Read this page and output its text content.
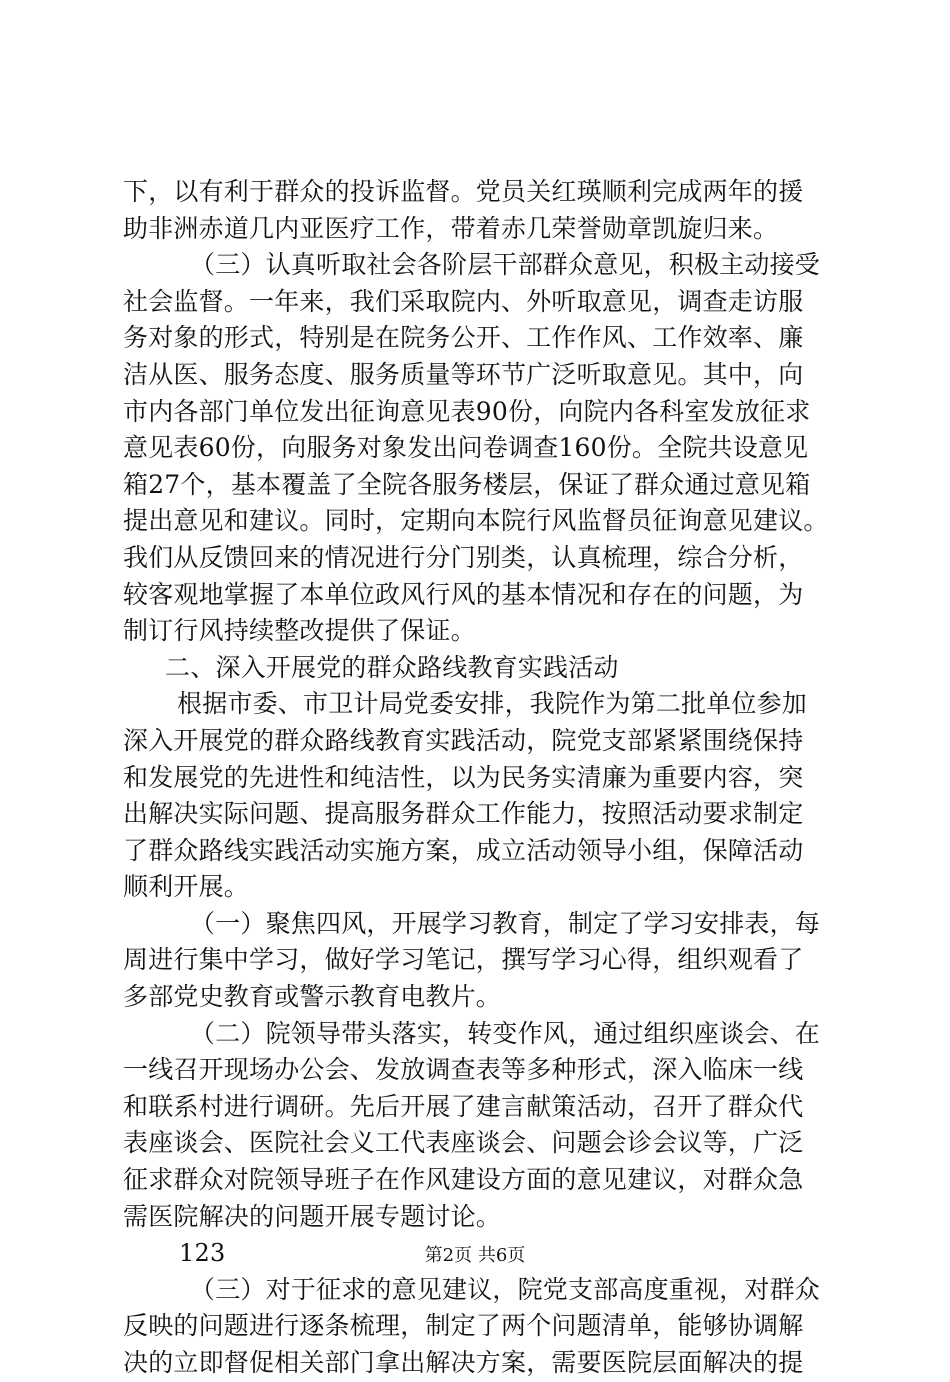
下，以有利于群众的投诉监督。党员关红瑛顺利完成两年的援
助非洲赤道几内亚医疗工作，带着赤几荣誉勋章凯旋归来。
（三）认真听取社会各阶层干部群众意见，积极主动接受
社会监督。一年来，我们采取院内、外听取意见，调查走访服
务对象的形式，特别是在院务公开、工作作风、工作效率、廉
洁从医、服务态度、服务质量等环节广泛听取意见。其中，向
市内各部门单位发出征询意见表90份，向院内各科室发放征求
意见表60份，向服务对象发出问卷调查160份。全院共设意见
箱27个，基本覆盖了全院各服务楼层，保证了群众通过意见箱
提出意见和建议。同时，定期向本院行风监督员征询意见建议。
我们从反馈回来的情况进行分门别类，认真梳理，综合分析，
较客观地掌握了本单位政风行风的基本情况和存在的问题，为
制订行风持续整改提供了保证。
二、深入开展党的群众路线教育实践活动
根据市委、市卫计局党委安排，我院作为第二批单位参加
深入开展党的群众路线教育实践活动，院党支部紧紧围绕保持
和发展党的先进性和纯洁性，以为民务实清廉为重要内容，突
出解决实际问题、提高服务群众工作能力，按照活动要求制定
了群众路线实践活动实施方案，成立活动领导小组，保障活动
顺利开展。
（一）聚焦四风，开展学习教育，制定了学习安排表，每
周进行集中学习，做好学习笔记，撰写学习心得，组织观看了
多部党史教育或警示教育电教片。
（二）院领导带头落实，转变作风，通过组织座谈会、在
一线召开现场办公会、发放调查表等多种形式，深入临床一线
和联系村进行调研。先后开展了建言献策活动，召开了群众代
表座谈会、医院社会义工代表座谈会、问题会诊会议等，广泛
征求群众对院领导班子在作风建设方面的意见建议，对群众急
需医院解决的问题开展专题讨论。
123
（三）对于征求的意见建议，院党支部高度重视，对群众
反映的问题进行逐条梳理，制定了两个问题清单，能够协调解
决的立即督促相关部门拿出解决方案，需要医院层面解决的提
第2页 共6页
